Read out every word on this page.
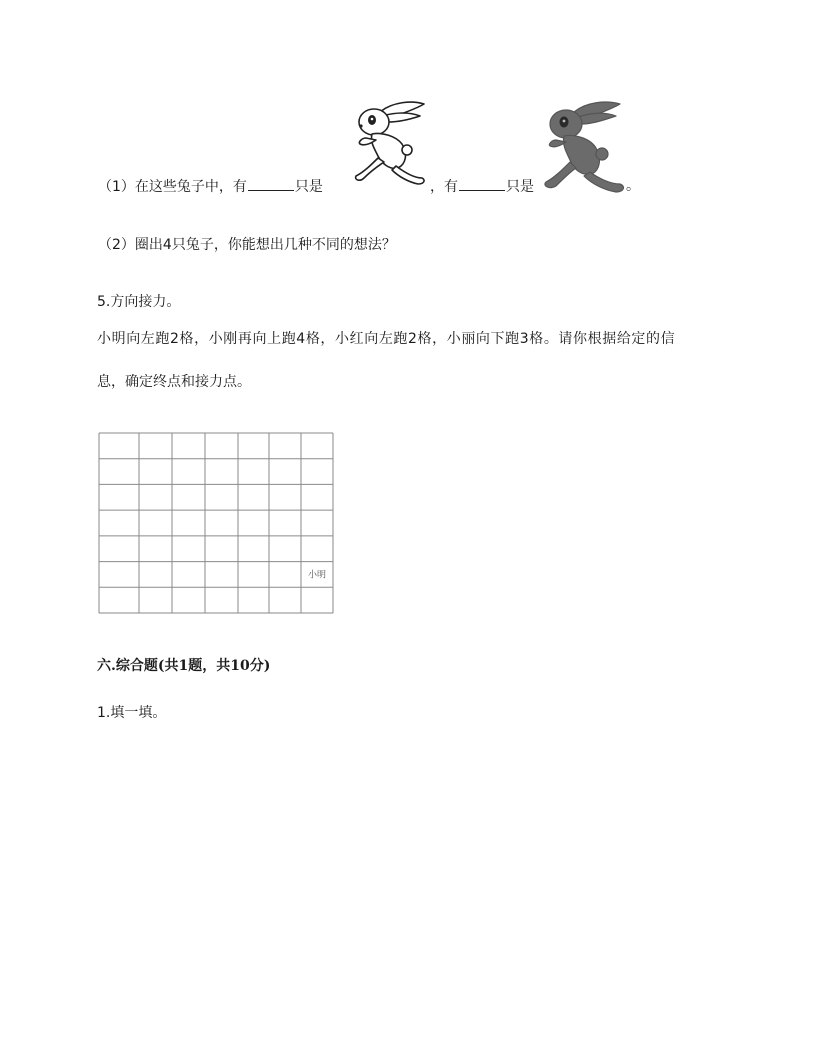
（1）在这些兔子中，有	只是	，有	只是	。
（2）圈出4只兔子，你能想出几种不同的想法？
5.方向接力。
小明向左跑2格，小刚再向上跑4格，小红向左跑2格，小丽向下跑3格。请你根据给定的信
息，确定终点和接力点。
小明
六.综合题(共1题，共10分)
1.填一填。
